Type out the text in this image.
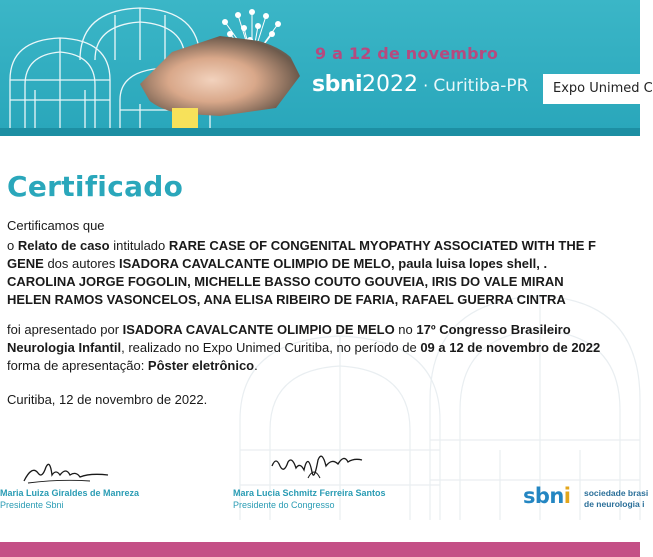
9 a 12 de novembro
sbni2022 · Curitiba-PR Expo Unimed C
Certificado
Certificamos que
o Relato de caso intitulado RARE CASE OF CONGENITAL MYOPATHY ASSOCIATED WITH THE F
GENE dos autores ISADORA CAVALCANTE OLIMPIO DE MELO, paula luisa lopes shell, .
CAROLINA JORGE FOGOLIN, MICHELLE BASSO COUTO GOUVEIA, IRIS DO VALE MIRAN
HELEN RAMOS VASONCELOS, ANA ELISA RIBEIRO DE FARIA, RAFAEL GUERRA CINTRA
foi apresentado por ISADORA CAVALCANTE OLIMPIO DE MELO no 17º Congresso Brasileiro
Neurologia Infantil, realizado no Expo Unimed Curitiba, no período de 09 a 12 de novembro de 2022
forma de apresentação: Pôster eletrônico.
Curitiba, 12 de novembro de 2022.
Maria Luiza Giraldes de Manreza
Presidente Sbni
Mara Lucia Schmitz Ferreira Santos
Presidente do Congresso	sbni sociedade brasi
de neurologia i
